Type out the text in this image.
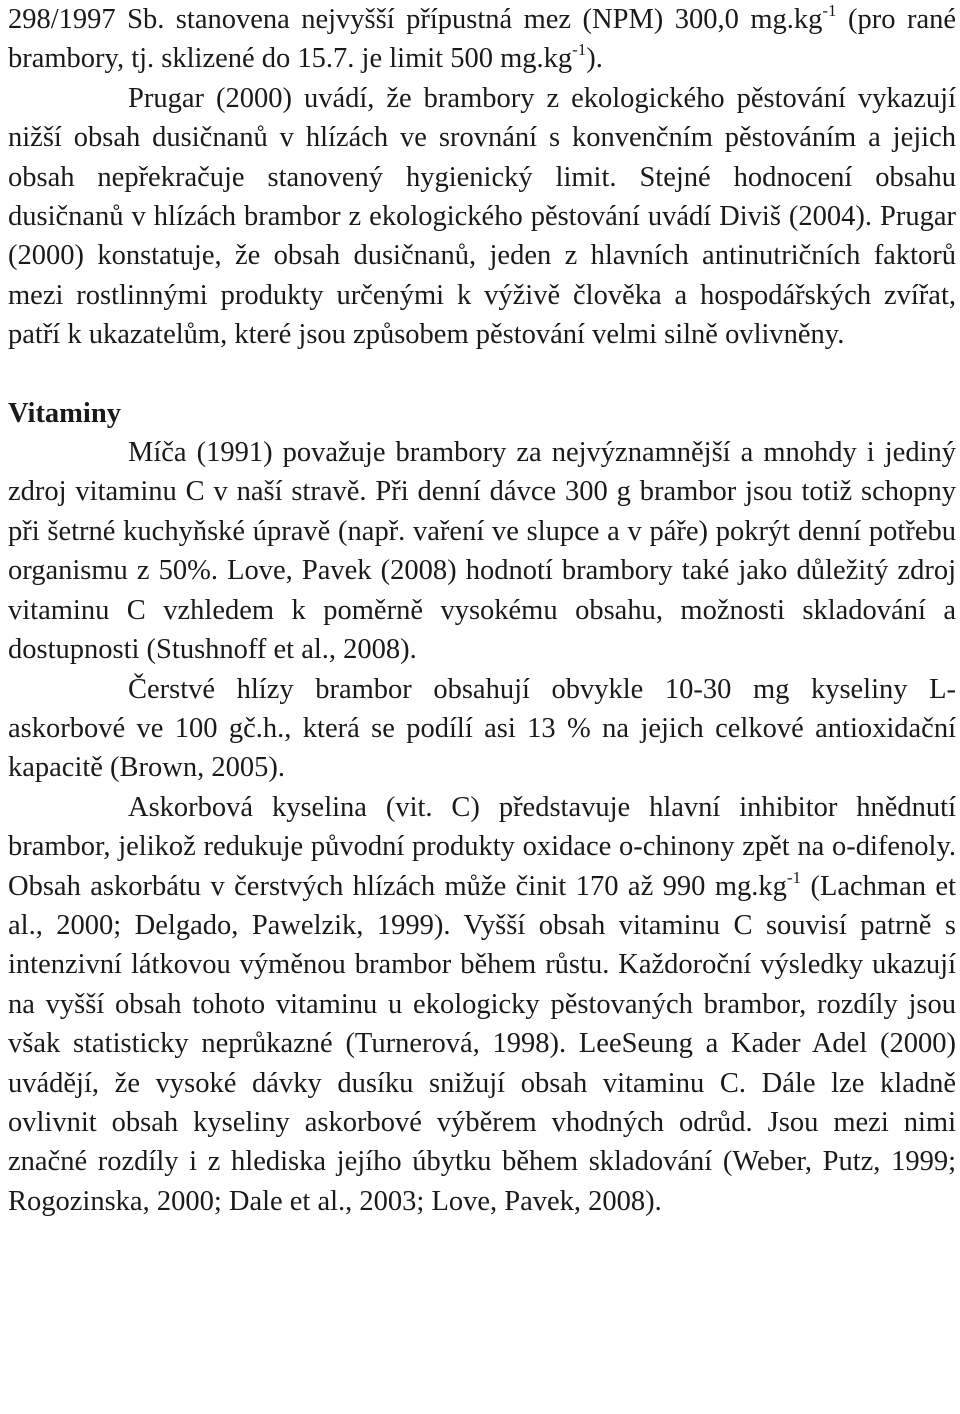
298/1997 Sb. stanovena nejvyšší přípustná mez (NPM) 300,0 $mg.kg^{-1}$ (pro rané brambory, tj. sklizené do 15.7. je limit 500 $mg.kg^{-1}$).

Prugar (2000) uvádí, že brambory z ekologického pěstování vykazují nižší obsah dusičnanů v hlízách ve srovnání s konvenčním pěstováním a jejich obsah nepřekračuje stanovený hygienický limit. Stejné hodnocení obsahu dusičnanů v hlízách brambor z ekologického pěstování uvádí Diviš (2004). Prugar (2000) konstatuje, že obsah dusičnanů, jeden z hlavních antinutričních faktorů mezi rostlinnými produkty určenými k výživě člověka a hospodářských zvířat, patří k ukazatelům, které jsou způsobem pěstování velmi silně ovlivněny.

Vitaminy

Míča (1991) považuje brambory za nejvýznamnější a mnohdy i jediný zdroj vitaminu C v naší stravě. Při denní dávce 300 g brambor jsou totiž schopny při šetrné kuchyňské úpravě (např. vaření ve slupce a v páře) pokrýt denní potřebu organismu z 50%. Love, Pavek (2008) hodnotí brambory také jako důležitý zdroj vitaminu C vzhledem k poměrně vysokému obsahu, možnosti skladování a dostupnosti (Stushnoff et al., 2008).

Čerstvé hlízy brambor obsahují obvykle 10-30 mg kyseliny L-askorbové ve 100 gč.h., která se podílí asi 13 % na jejich celkové antioxidační kapacitě (Brown, 2005).

Askorbová kyselina (vit. C) představuje hlavní inhibitor hnědnutí brambor, jelikož redukuje původní produkty oxidace o-chinony zpět na o-difenoly. Obsah askorbátu v čerstvých hlízách může činit 170 až 990 $mg.kg^{-1}$ (Lachman et al., 2000; Delgado, Pawelzik, 1999). Vyšší obsah vitaminu C souvisí patrně s intenzivní látkovou výměnou brambor během růstu. Každoroční výsledky ukazují na vyšší obsah tohoto vitaminu u ekologicky pěstovaných brambor, rozdíly jsou však statisticky neprůkazné (Turnerová, 1998). LeeSeung a Kader Adel (2000) uvádějí, že vysoké dávky dusíku snižují obsah vitaminu C. Dále lze kladně ovlivnit obsah kyseliny askorbové výběrem vhodných odrůd. Jsou mezi nimi značné rozdíly i z hlediska jejího úbytku během skladování (Weber, Putz, 1999; Rogozinska, 2000; Dale et al., 2003; Love, Pavek, 2008).
